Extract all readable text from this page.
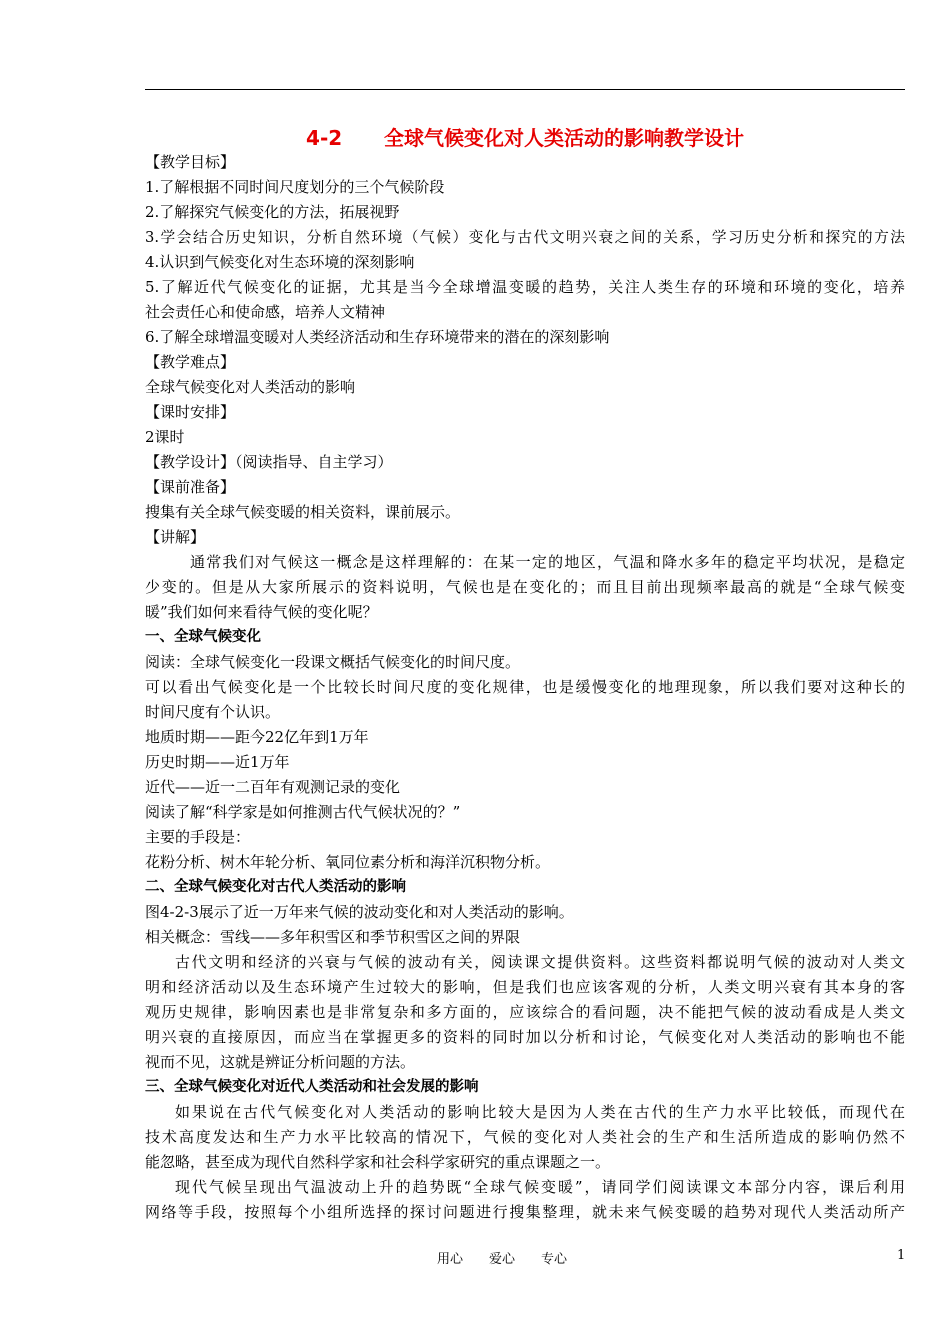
4-2      全球气候变化对人类活动的影响教学设计
【教学目标】
1.了解根据不同时间尺度划分的三个气候阶段
2.了解探究气候变化的方法，拓展视野
3.学会结合历史知识，分析自然环境（气候）变化与古代文明兴衰之间的关系，学习历史分析和探究的方法
4.认识到气候变化对生态环境的深刻影响
5.了解近代气候变化的证据，尤其是当今全球增温变暖的趋势，关注人类生存的环境和环境的变化，培养
社会责任心和使命感，培养人文精神
6.了解全球增温变暖对人类经济活动和生存环境带来的潜在的深刻影响
【教学难点】
全球气候变化对人类活动的影响
【课时安排】
2课时
【教学设计】（阅读指导、自主学习）
【课前准备】
搜集有关全球气候变暖的相关资料，课前展示。
【讲解】
通常我们对气候这一概念是这样理解的：在某一定的地区，气温和降水多年的稳定平均状况，是稳定
少变的。但是从大家所展示的资料说明，气候也是在变化的；而且目前出现频率最高的就是“全球气候变
暖”我们如何来看待气候的变化呢？
一、全球气候变化
阅读：全球气候变化一段课文概括气候变化的时间尺度。
可以看出气候变化是一个比较长时间尺度的变化规律，也是缓慢变化的地理现象，所以我们要对这种长的
时间尺度有个认识。
地质时期——距今22亿年到1万年
历史时期——近1万年
近代——近一二百年有观测记录的变化
阅读了解“科学家是如何推测古代气候状况的？”
主要的手段是：
花粉分析、树木年轮分析、氧同位素分析和海洋沉积物分析。
二、全球气候变化对古代人类活动的影响
图4-2-3展示了近一万年来气候的波动变化和对人类活动的影响。
相关概念：雪线——多年积雪区和季节积雪区之间的界限
古代文明和经济的兴衰与气候的波动有关，阅读课文提供资料。这些资料都说明气候的波动对人类文
明和经济活动以及生态环境产生过较大的影响，但是我们也应该客观的分析，人类文明兴衰有其本身的客
观历史规律，影响因素也是非常复杂和多方面的，应该综合的看问题，决不能把气候的波动看成是人类文
明兴衰的直接原因，而应当在掌握更多的资料的同时加以分析和讨论，气候变化对人类活动的影响也不能
视而不见，这就是辨证分析问题的方法。
三、全球气候变化对近代人类活动和社会发展的影响
如果说在古代气候变化对人类活动的影响比较大是因为人类在古代的生产力水平比较低，而现代在
技术高度发达和生产力水平比较高的情况下，气候的变化对人类社会的生产和生活所造成的影响仍然不
能忽略，甚至成为现代自然科学家和社会科学家研究的重点课题之一。
现代气候呈现出气温波动上升的趋势既“全球气候变暖”，请同学们阅读课文本部分内容，课后利用
网络等手段，按照每个小组所选择的探讨问题进行搜集整理，就未来气候变暖的趋势对现代人类活动所产
用心　　爱心　　专心	1
